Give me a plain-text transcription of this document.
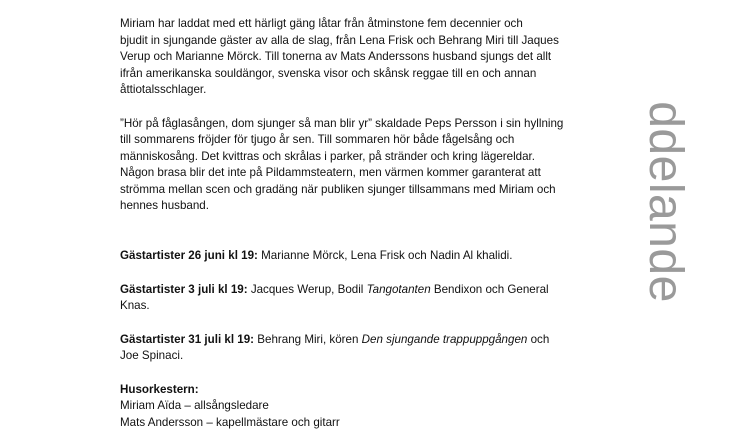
Miriam har laddat med ett härligt gäng låtar från åtminstone fem decennier och
bjudit in sjungande gäster av alla de slag, från Lena Frisk och Behrang Miri till Jaques
Verup och Marianne Mörck. Till tonerna av Mats Anderssons husband sjungs det allt
ifrån amerikanska souldängor, svenska visor och skånsk reggae till en och annan
åttiotalsschlager.

”Hör på fåglasången, dom sjunger så man blir yr” skaldade Peps Persson i sin hyllning
till sommarens fröjder för tjugo år sen. Till sommaren hör både fågelsång och
människosång. Det kvittras och skrålas i parker, på stränder och kring lägereldar.
Någon brasa blir det inte på Pildammsteatern, men värmen kommer garanterat att
strömma mellan scen och gradäng när publiken sjunger tillsammans med Miriam och
hennes husband.

Gästartister 26 juni kl 19: Marianne Mörck, Lena Frisk och Nadin Al khalidi.

Gästartister 3 juli kl 19: Jacques Werup, Bodil Tangotanten Bendixon och General
Knas.

Gästartister 31 juli kl 19: Behrang Miri, kören Den sjungande trappuppgången och
Joe Spinaci.

Husorkestern:
Miriam Aïda – allsångsledare
Mats Andersson – kapellmästare och gitarr
ddelande
